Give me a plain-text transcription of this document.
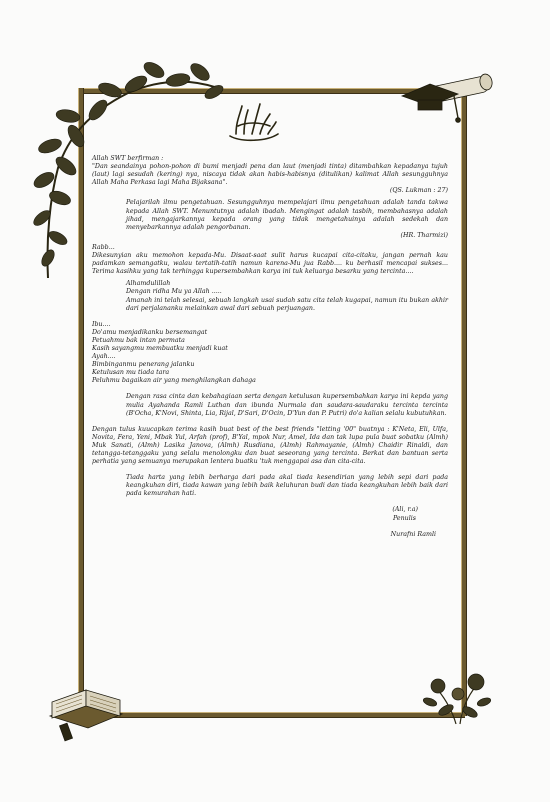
Allah SWT berfirman :

"Dan seandainya pohon-pohon di bumi menjadi pena dan laut (menjadi tinta) ditambahkan kepadanya tujuh (laut) lagi sesudah (kering) nya, niscaya tidak akan habis-habisnya (ditulikan) kalimat Allah sesungguhnya Allah Maha Perkasa lagi Maha Bijaksana".

(QS. Lukman : 27)

Pelajarilah ilmu pengetahuan. Sesungguhnya mempelajari ilmu pengetahuan adalah tanda takwa kepada Allah SWT. Menuntutnya adalah ibadah. Mengingat adalah tasbih, membahasnya adalah jihad, mengajarkannya kepada orang yang tidak mengetahuinya adalah sedekah dan menyebarkannya adalah pengorbanan.

(HR. Tharmizi)

Rabb...

Dikesunyian aku memohon kepada-Mu. Disaat-saat sulit harus kucapai cita-citaku, jangan pernah kau padamkan semangatku, walau tertatih-tatih namun karena-Mu jua Rabb.... ku berhasil mencapai sukses... Terima kasihku yang tak terhingga kupersembahkan karya ini tuk keluarga besarku yang tercinta....

Alhamdulillah

Dengan ridha Mu ya Allah .....

Amanah ini telah selesai, sebuah langkah usai sudah satu cita telah kugapai, namun itu bukan akhir dari perjalananku melainkan awal dari sebuah perjuangan.

Ibu....

Do'amu menjadikanku bersemangat

Petuahmu bak intan permata

Kasih sayangmu membuatku menjadi kuat

Ayah....

Bimbinganmu penerang jalanku

Ketulusan mu tiada tara

Peluhmu bagaikan air yang menghilangkan dahaga

Dengan rasa cinta dan kebahagiaan serta dengan ketulusan kupersembahkan karya ini kepda yang mulia Ayahanda Ramli Luthan dan ibunda Nurmala dan saudara-saudaraku tercinta tercinta (B'Ocha, K'Novi, Shinta, Lia, Rijal, D'Sari, D'Ocin, D'Yun dan P. Putri) do'a kalian selalu kubutuhkan.

Dengan tulus kuucapkan terima kasih buat best of the best friends "letting '00" buatnya : K'Neta, Eli, Ulfa, Novita, Fera, Yeni, Mbak Yul, Arfah (prof), B'Yal, mpok Nur, Amel, Ida dan tak lupa pula buat sobatku (Almh) Muk Sanati, (Almh) Lasika Janova, (Almh) Rusdiana, (Almh) Rahmayanie, (Almh) Chaidir Rinaldi, dan tetangga-tetanggaku yang selalu menolongku dan buat seseorang yang tercinta. Berkat dan bantuan serta perhatia yang semuanya merupakan lentera buatku 'tuk menggapai asa dan cita-cita.

Tiada harta yang lebih berharga dari pada akal tiada kesendirian yang lebih sepi dari pada keangkuhan diri, tiada kawan yang lebih baik keluhuran budi dan tiada keangkuhan lebih baik dari pada kemurahan hati.

(Ali, r.a)

Penulis

Nurafni Ramli
